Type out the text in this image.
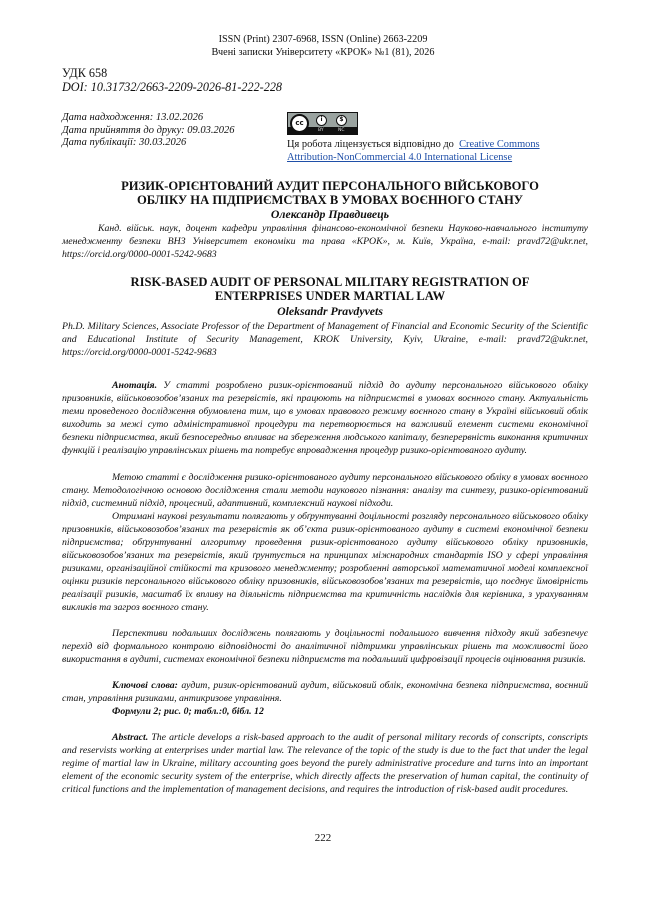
ISSN (Print) 2307-6968, ISSN (Online) 2663-2209
Вчені записки Університету «КРОК» №1 (81), 2026
УДК 658
DOI: 10.31732/2663-2209-2026-81-222-228
Дата надходження: 13.02.2026
Дата прийняття до друку: 09.03.2026
Дата публікації: 30.03.2026
cc	i	$
BY	NC
Ця робота ліцензується відповідно до Creative Commons
Attribution-NonCommercial 4.0 International License
РИЗИК-ОРІЄНТОВАНИЙ АУДИТ ПЕРСОНАЛЬНОГО ВІЙСЬКОВОГО
ОБЛІКУ НА ПІДПРИЄМСТВАХ В УМОВАХ ВОЄННОГО СТАНУ
Олександр Правдивець
Канд. військ. наук, доцент кафедри управління фінансово-економічної безпеки Науково-навчального інституту менеджменту безпеки ВНЗ Університет економіки та права «КРОК», м. Київ, Україна, e-mail: pravd72@ukr.net, https://orcid.org/0000-0001-5242-9683
RISK-BASED AUDIT OF PERSONAL MILITARY REGISTRATION OF
ENTERPRISES UNDER MARTIAL LAW
Oleksandr Pravdyvets
Ph.D. Military Sciences, Associate Professor of the Department of Management of Financial and Economic Security of the Scientific and Educational Institute of Security Management, KROK University, Kyiv, Ukraine, e-mail: pravd72@ukr.net, https://orcid.org/0000-0001-5242-9683
Анотація. У статті розроблено ризик-орієнтований підхід до аудиту персонального військового обліку призовників, військовозобов’язаних та резервістів, які працюють на підприємстві в умовах воєнного стану. Актуальність теми проведеного дослідження обумовлена тим, що в умовах правового режиму воєнного стану в Україні військовий облік виходить за межі суто адміністративної процедури та перетворюється на важливий елемент системи економічної безпеки підприємства, який безпосередньо впливає на збереження людського капіталу, безперервність виконання критичних функцій і реалізацію управлінських рішень та потребує впровадження процедур ризико-орієнтованого аудиту.
Метою статті є дослідження ризико-орієнтованого аудиту персонального військового обліку в умовах воєнного стану. Методологічною основою дослідження стали методи наукового пізнання: аналізу та синтезу, ризико-орієнтований підхід, системний підхід, процесний, адаптивний, комплексний наукові підходи.
Отримані наукові результати полягають у обґрунтуванні доцільності розгляду персонального військового обліку призовників, військовозобов’язаних та резервістів як об’єкта ризик-орієнтованого аудиту в системі економічної безпеки підприємства; обґрунтуванні алгоритму проведення ризик-орієнтованого аудиту військового обліку призовників, військовозобов’язаних та резервістів, який ґрунтується на принципах міжнародних стандартів ISO у сфері управління ризиками, організаційної стійкості та кризового менеджменту; розробленні авторської математичної моделі комплексної оцінки ризиків персонального військового обліку призовників, військовозобов’язаних та резервістів, що поєднує ймовірність реалізації ризиків, масштаб їх впливу на діяльність підприємства та критичність наслідків для керівника, з урахуванням викликів та загроз воєнного стану.
Перспективи подальших досліджень полягають у доцільності подальшого вивчення підходу який забезпечує перехід від формального контролю відповідності до аналітичної підтримки управлінських рішень та можливості його використання в аудиті, системах економічної безпеки підприємств та подальший цифровізації процесів оцінювання ризиків.
Ключові слова: аудит, ризик-орієнтований аудит, військовий облік, економічна безпека підприємства, воєнний стан, управління ризиками, антикризове управління.
Формули 2; рис. 0; табл.:0, бібл. 12
Abstract. The article develops a risk-based approach to the audit of personal military records of conscripts, conscripts and reservists working at enterprises under martial law. The relevance of the topic of the study is due to the fact that under the legal regime of martial law in Ukraine, military accounting goes beyond the purely administrative procedure and turns into an important element of the economic security system of the enterprise, which directly affects the preservation of human capital, the continuity of critical functions and the implementation of management decisions, and requires the introduction of risk-based audit procedures.
222
